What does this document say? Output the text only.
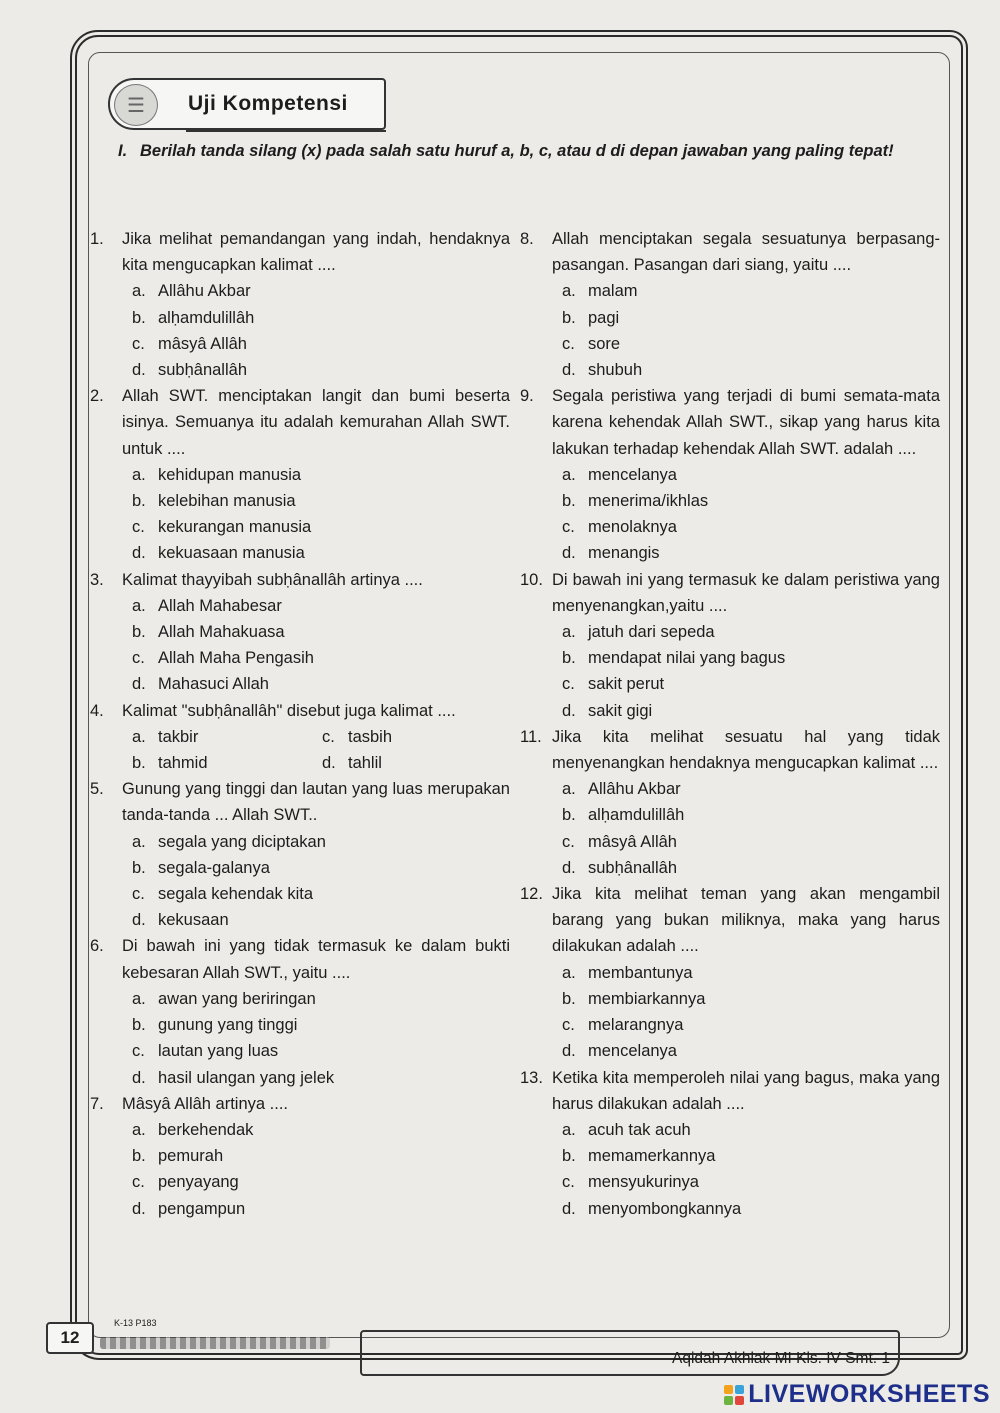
☰	Uji Kompetensi
I. Berilah tanda silang (x) pada salah satu huruf a, b, c, atau d di depan jawaban yang paling tepat!
1. Jika melihat pemandangan yang indah, hendaknya kita mengucapkan kalimat ....
a. Allâhu Akbar
b. alḥamdulillâh
c. mâsyâ Allâh
d. subḥânallâh
2. Allah SWT. menciptakan langit dan bumi beserta isinya. Semuanya itu adalah kemurahan Allah SWT. untuk ....
a. kehidupan manusia
b. kelebihan manusia
c. kekurangan manusia
d. kekuasaan manusia
3. Kalimat thayyibah subḥânallâh artinya ....
a. Allah Mahabesar
b. Allah Mahakuasa
c. Allah Maha Pengasih
d. Mahasuci Allah
4. Kalimat "subḥânallâh" disebut juga kalimat ....
a. takbir	c. tasbih
b. tahmid	d. tahlil
5. Gunung yang tinggi dan lautan yang luas merupakan tanda-tanda ... Allah SWT..
a. segala yang diciptakan
b. segala-galanya
c. segala kehendak kita
d. kekusaan
6. Di bawah ini yang tidak termasuk ke dalam bukti kebesaran Allah SWT., yaitu ....
a. awan yang beriringan
b. gunung yang tinggi
c. lautan yang luas
d. hasil ulangan yang jelek
7. Mâsyâ Allâh artinya ....
a. berkehendak
b. pemurah
c. penyayang
d. pengampun
8. Allah menciptakan segala sesuatunya berpasang-pasangan. Pasangan dari siang, yaitu ....
a. malam
b. pagi
c. sore
d. shubuh
9. Segala peristiwa yang terjadi di bumi semata-mata karena kehendak Allah SWT., sikap yang harus kita lakukan terhadap kehendak Allah SWT. adalah ....
a. mencelanya
b. menerima/ikhlas
c. menolaknya
d. menangis
10. Di bawah ini yang termasuk ke dalam peristiwa yang menyenangkan,yaitu ....
a. jatuh dari sepeda
b. mendapat nilai yang bagus
c. sakit perut
d. sakit gigi
11. Jika kita melihat sesuatu hal yang tidak menyenangkan hendaknya mengucapkan kalimat ....
a. Allâhu Akbar
b. alḥamdulillâh
c. mâsyâ Allâh
d. subḥânallâh
12. Jika kita melihat teman yang akan mengambil barang yang bukan miliknya, maka yang harus dilakukan adalah ....
a. membantunya
b. membiarkannya
c. melarangnya
d. mencelanya
13. Ketika kita memperoleh nilai yang bagus, maka yang harus dilakukan adalah ....
a. acuh tak acuh
b. memamerkannya
c. mensyukurinya
d. menyombongkannya
12
K-13 P183
Aqidah Akhlak MI Kls. IV Smt. 1
LIVEWORKSHEETS
